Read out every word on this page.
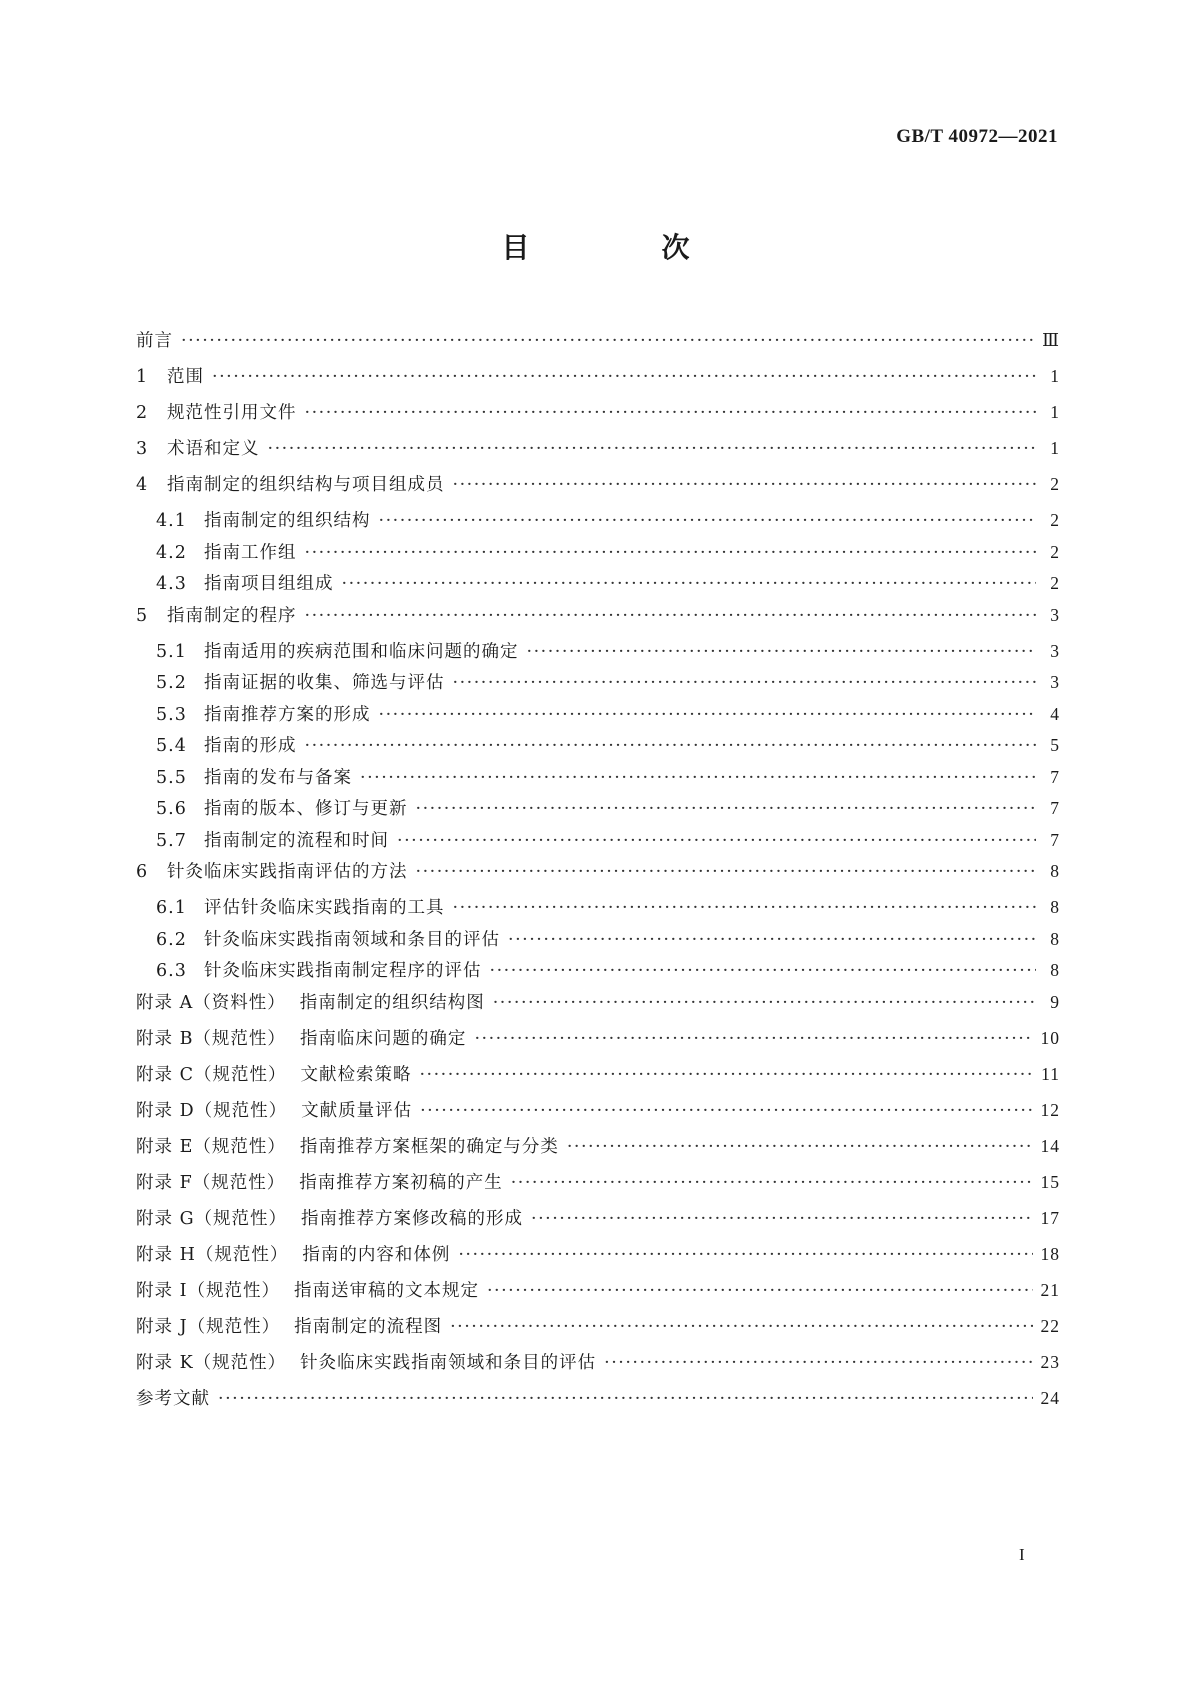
GB/T 40972—2021
目　次
前言 ·····	Ⅲ
1	范围 ·····	1
2	规范性引用文件 ·····	1
3	术语和定义 ·····	1
4	指南制定的组织结构与项目组成员 ·····	2
4.1 指南制定的组织结构 ·····	2
4.2 指南工作组 ·····	2
4.3 指南项目组组成 ·····	2
5	指南制定的程序 ·····	3
5.1 指南适用的疾病范围和临床问题的确定 ·····	3
5.2 指南证据的收集、筛选与评估 ·····	3
5.3 指南推荐方案的形成 ·····	4
5.4 指南的形成 ·····	5
5.5 指南的发布与备案 ·····	7
5.6 指南的版本、修订与更新 ·····	7
5.7 指南制定的流程和时间 ·····	7
6	针灸临床实践指南评估的方法 ·····	8
6.1 评估针灸临床实践指南的工具 ·····	8
6.2 针灸临床实践指南领域和条目的评估 ·····	8
6.3 针灸临床实践指南制定程序的评估 ·····	8
附录 A（资料性） 指南制定的组织结构图 ·····	9
附录 B（规范性） 指南临床问题的确定 ·····	10
附录 C（规范性） 文献检索策略 ·····	11
附录 D（规范性） 文献质量评估 ·····	12
附录 E（规范性） 指南推荐方案框架的确定与分类 ·····	14
附录 F（规范性） 指南推荐方案初稿的产生 ·····	15
附录 G（规范性） 指南推荐方案修改稿的形成 ·····	17
附录 H（规范性） 指南的内容和体例 ·····	18
附录 I（规范性） 指南送审稿的文本规定 ·····	21
附录 J（规范性） 指南制定的流程图 ·····	22
附录 K（规范性） 针灸临床实践指南领域和条目的评估 ·····	23
参考文献 ·····	24
I
